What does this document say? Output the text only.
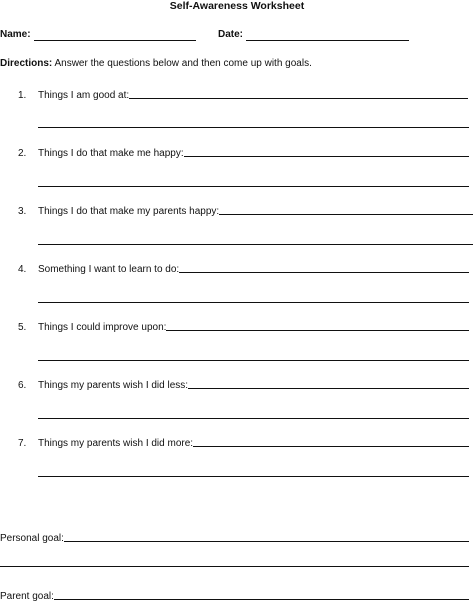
Self-Awareness Worksheet
Name:	Date:
Directions: Answer the questions below and then come up with goals.
1.	Things I am good at:
2.	Things I do that make me happy:
3.	Things I do that make my parents happy:
4.	Something I want to learn to do:
5.	Things I could improve upon:
6.	Things my parents wish I did less:
7.	Things my parents wish I did more:
Personal goal:
Parent goal:
